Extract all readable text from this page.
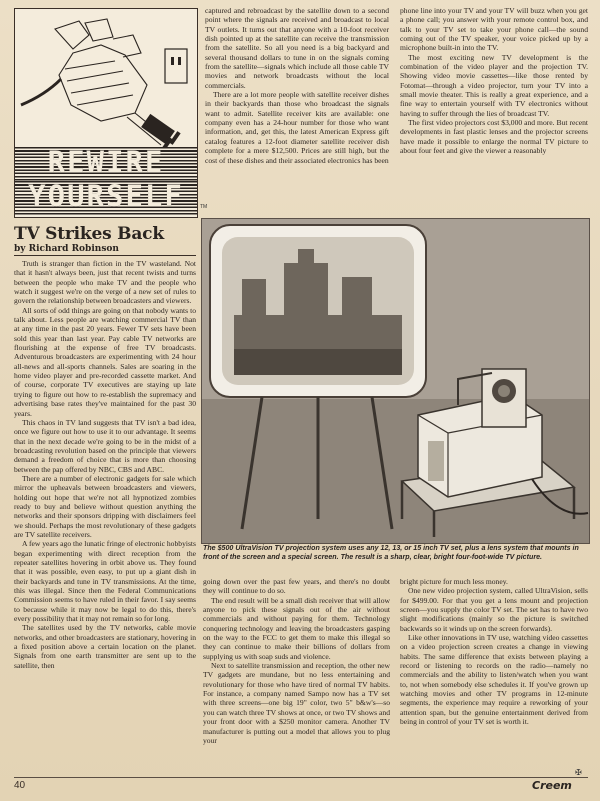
REWIRE
YOURSELF	TM
TV Strikes Back
by Richard Robinson

Truth is stranger than fiction in the TV wasteland. Not that it hasn't always been, just that recent twists and turns between the people who make TV and the people who watch it suggest we're on the verge of a new set of rules to govern the relationship between broadcasters and viewers.

All sorts of odd things are going on that nobody wants to talk about. Less people are watching commercial TV than at any time in the past 20 years. Fewer TV sets have been sold this year than last year. Pay cable TV networks are flourishing at the expense of free TV broadcasts. Adventurous broadcasters are experimenting with 24 hour all-news and all-sports channels. Sales are soaring in the home video player and pre-recorded cassette market. And of course, corporate TV executives are staying up late trying to figure out how to re-establish the supremacy and advertising base rates they've maintained for the past 30 years.

This chaos in TV land suggests that TV isn't a bad idea, once we figure out how to use it to our advantage. It seems that in the next decade we're going to be in the midst of a broadcasting revolution based on the principle that viewers demand a freedom of choice that is more than choosing between the pap offered by NBC, CBS and ABC.

There are a number of electronic gadgets for sale which mirror the upheavals between broadcasters and viewers, holding out hope that we're not all hypnotized zombies ready to buy and believe without question anything the networks and their sponsors dripping with disclaimers feel we should. Perhaps the most revolutionary of these gadgets are TV satellite receivers.

A few years ago the lunatic fringe of electronic hobbyists began experimenting with direct reception from the repeater satellites hovering in orbit above us. They found that it was possible, even easy, to put up a giant dish in their backyards and tune in TV transmissions. At the time, this was illegal. Since then the Federal Communications Commission seems to have ruled in their favor. I say seems to because while it may now be legal to do this, there's every possibility that it may not remain so for long.

The satellites used by the TV networks, cable movie networks, and other broadcasters are stationary, hovering in a fixed position above a certain location on the planet. Signals from one earth transmitter are sent up to the satellite, then

captured and rebroadcast by the satellite down to a second point where the signals are received and broadcast to local TV outlets. It turns out that anyone with a 10-foot receiver dish pointed up at the satellite can receive the transmission from the satellite. So all you need is a big backyard and several thousand dollars to tune in on the signals coming from the satellite—signals which include all those cable TV movies and network broadcasts without the local commercials.

There are a lot more people with satellite receiver dishes in their backyards than those who broadcast the signals want to admit. Satellite receiver kits are available: one company even has a 24-hour number for those who want information, and, get this, the latest American Express gift catalog features a 12-foot diameter satellite receiver dish complete for a mere $12,500. Prices are still high, but the cost of these dishes and their associated electronics has been

phone line into your TV and your TV will buzz when you get a phone call; you answer with your remote control box, and talk to your TV set to take your phone call—the sound coming out of the TV speaker, your voice picked up by a microphone built-in into the TV.

The most exciting new TV development is the combination of the video player and the projection TV. Showing video movie cassettes—like those rented by Fotomat—through a video projector, turn your TV into a small movie theater. This is really a great experience, and a fine way to entertain yourself with TV electronics without having to suffer through the lies of broadcast TV.

The first video projectors cost $3,000 and more. But recent developments in fast plastic lenses and the projector screens have made it possible to enlarge the normal TV picture to about four feet and give the viewer a reasonably

The $500 UltraVision TV projection system uses any 12, 13, or 15 inch TV set, plus a lens system that mounts in front of the screen and a special screen. The result is a sharp, clear, bright four-foot-wide TV picture.

going down over the past few years, and there's no doubt they will continue to do so.

The end result will be a small dish receiver that will allow anyone to pick these signals out of the air without commercials and without paying for them. Technology conquering technology and leaving the broadcasters gasping on the way to the FCC to get them to make this illegal so they can continue to make their billions of dollars from supplying us with soap suds and violence.

Next to satellite transmission and reception, the other new TV gadgets are mundane, but no less entertaining and revolutionary for those who have tired of normal TV habits. For instance, a company named Sampo now has a TV set with three screens—one big 19" color, two 5" b&w's—so you can watch three TV shows at once, or two TV shows and your front door with a $250 monitor camera. Another TV manufacturer is putting out a model that allows you to plug your

bright picture for much less money.

One new video projection system, called UltraVision, sells for $499.00. For that you get a lens mount and projection screen—you supply the color TV set. The set has to have two slight modifications (mainly so the picture is switched backwards so it winds up on the screen forwards).

Like other innovations in TV use, watching video cassettes on a video projection screen creates a change in viewing habits. The same difference that exists between playing a record or listening to records on the radio—namely no commercials and the ability to listen/watch when you want to, not when somebody else schedules it. If you've grown up watching movies and other TV programs in 12-minute segments, the experience may require a reworking of your attention span, but the genuine entertainment derived from being in control of your TV set is worth it.

✠
40	Creem
